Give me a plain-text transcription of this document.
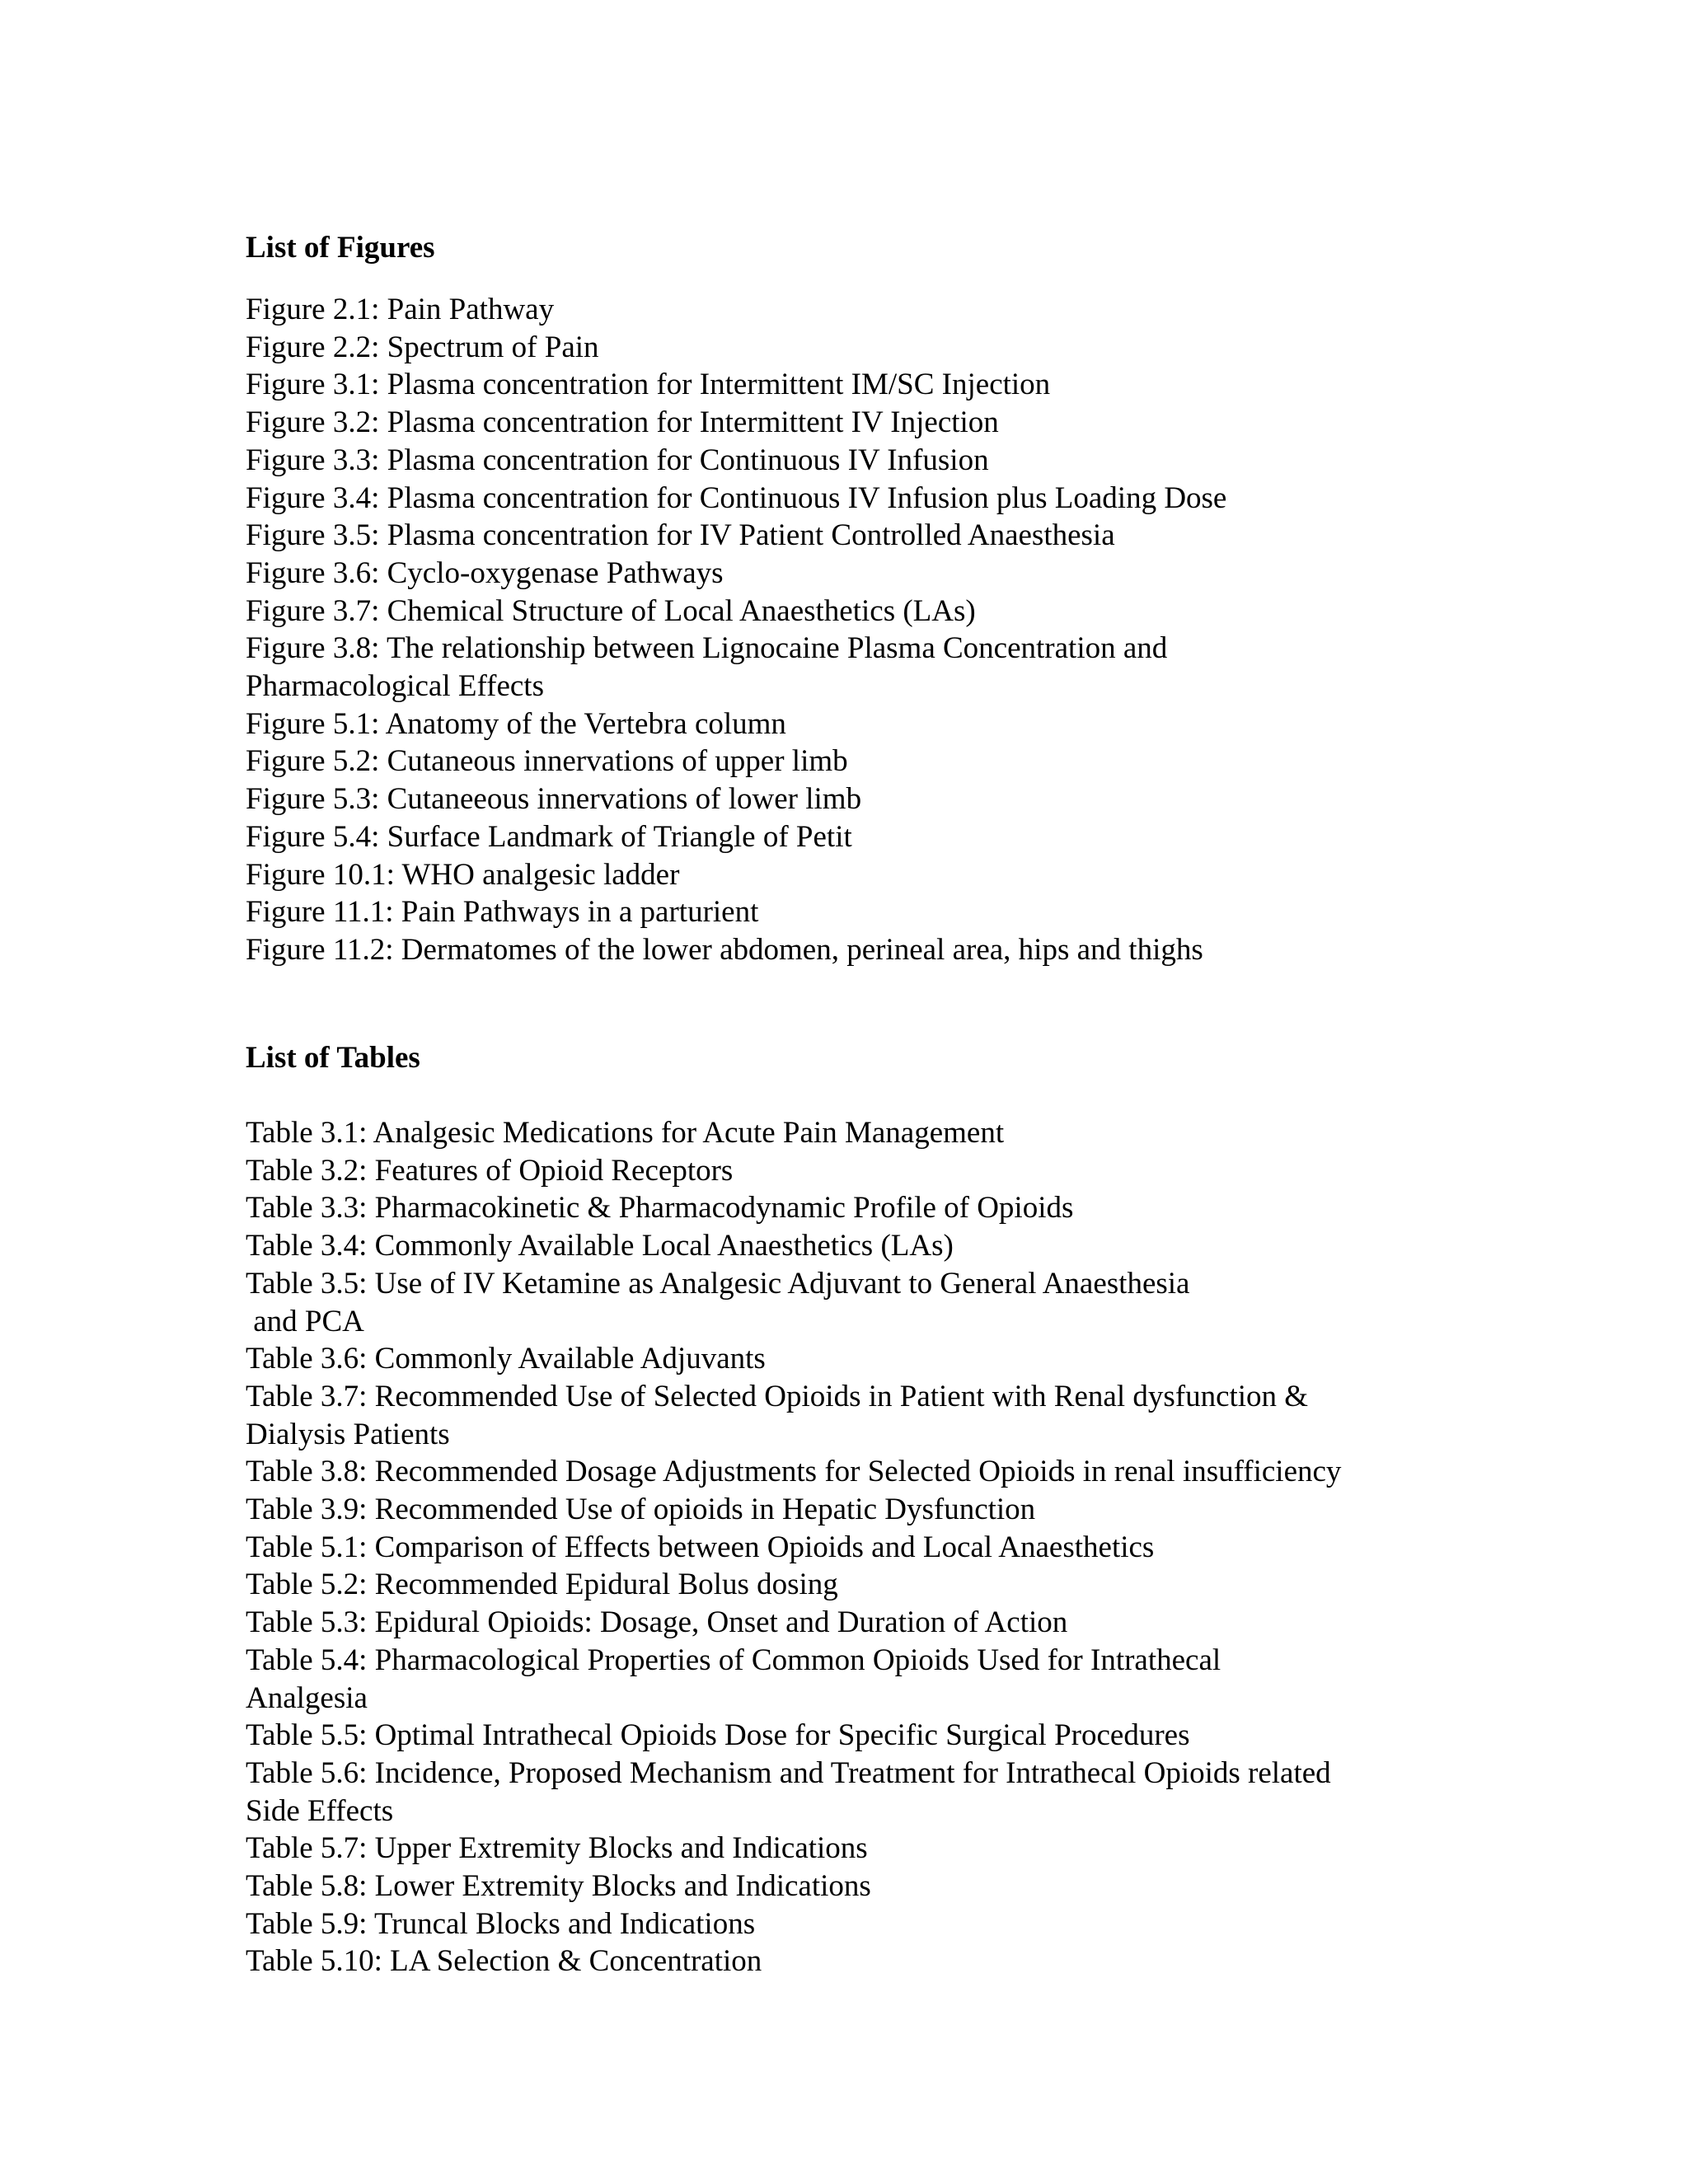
List of Figures
Figure 2.1: Pain Pathway
Figure 2.2: Spectrum of Pain
Figure 3.1: Plasma concentration for Intermittent IM/SC Injection
Figure 3.2: Plasma concentration for Intermittent IV Injection
Figure 3.3: Plasma concentration for Continuous IV Infusion
Figure 3.4: Plasma concentration for Continuous IV Infusion plus Loading Dose
Figure 3.5: Plasma concentration for IV Patient Controlled Anaesthesia
Figure 3.6: Cyclo-oxygenase Pathways
Figure 3.7: Chemical Structure of Local Anaesthetics (LAs)
Figure 3.8: The relationship between Lignocaine Plasma Concentration and
Pharmacological Effects
Figure 5.1: Anatomy of the Vertebra column
Figure 5.2: Cutaneous innervations of upper limb
Figure 5.3: Cutaneeous innervations of lower limb
Figure 5.4: Surface Landmark of Triangle of Petit
Figure 10.1: WHO analgesic ladder
Figure 11.1: Pain Pathways in a parturient
Figure 11.2: Dermatomes of the lower abdomen, perineal area, hips and thighs
List of Tables
Table 3.1: Analgesic Medications for Acute Pain Management
Table 3.2: Features of Opioid Receptors
Table 3.3: Pharmacokinetic & Pharmacodynamic Profile of Opioids
Table 3.4: Commonly Available Local Anaesthetics (LAs)
Table 3.5: Use of IV Ketamine as Analgesic Adjuvant to General Anaesthesia
and PCA
Table 3.6: Commonly Available Adjuvants
Table 3.7: Recommended Use of Selected Opioids in Patient with Renal dysfunction &
Dialysis Patients
Table 3.8: Recommended Dosage Adjustments for Selected Opioids in renal insufficiency
Table 3.9: Recommended Use of opioids in Hepatic Dysfunction
Table 5.1: Comparison of Effects between Opioids and Local Anaesthetics
Table 5.2: Recommended Epidural Bolus dosing
Table 5.3: Epidural Opioids: Dosage, Onset and Duration of Action
Table 5.4: Pharmacological Properties of Common Opioids Used for Intrathecal
Analgesia
Table 5.5: Optimal Intrathecal Opioids Dose for Specific Surgical Procedures
Table 5.6: Incidence, Proposed Mechanism and Treatment for Intrathecal Opioids related
Side Effects
Table 5.7: Upper Extremity Blocks and Indications
Table 5.8: Lower Extremity Blocks and Indications
Table 5.9: Truncal Blocks and Indications
Table 5.10: LA Selection & Concentration
